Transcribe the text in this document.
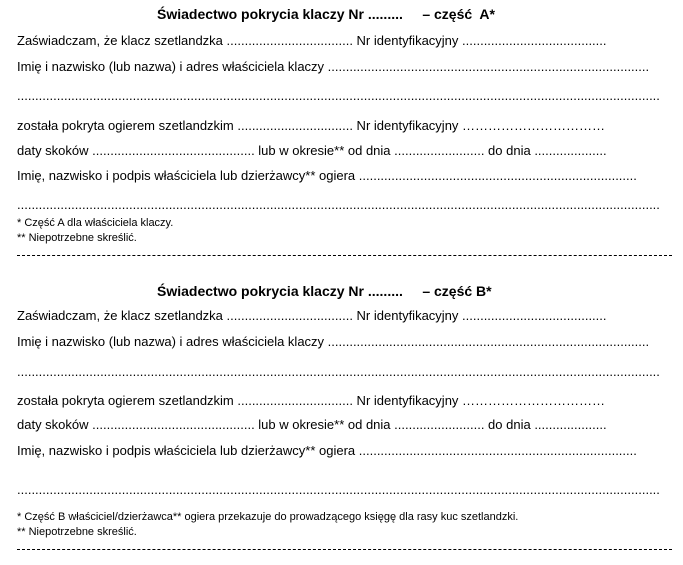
Świadectwo pokrycia klaczy Nr .........     – część  A*
Zaświadczam, że klacz szetlandzka ................................... Nr identyfikacyjny ........................................
Imię i nazwisko (lub nazwa) i adres właściciela klaczy .........................................................................................
..................................................................................................................................................................................
została pokryta ogierem szetlandzkim ................................ Nr identyfikacyjny ……………………………
daty skoków ............................................. lub w okresie** od dnia ......................... do dnia ....................
Imię, nazwisko i podpis właściciela lub dzierżawcy** ogiera .............................................................................
..................................................................................................................................................................................
* Część A dla właściciela klaczy.
** Niepotrzebne skreślić.
Świadectwo pokrycia klaczy Nr .........     – część B*
Zaświadczam, że klacz szetlandzka ................................... Nr identyfikacyjny ........................................
Imię i nazwisko (lub nazwa) i adres właściciela klaczy .........................................................................................
..................................................................................................................................................................................
została pokryta ogierem szetlandzkim ................................ Nr identyfikacyjny ……………………………
daty skoków ............................................. lub w okresie** od dnia ......................... do dnia ....................
Imię, nazwisko i podpis właściciela lub dzierżawcy** ogiera .............................................................................
..................................................................................................................................................................................
* Część B właściciel/dzierżawca** ogiera przekazuje do prowadzącego księgę dla rasy kuc szetlandzki.
** Niepotrzebne skreślić.
